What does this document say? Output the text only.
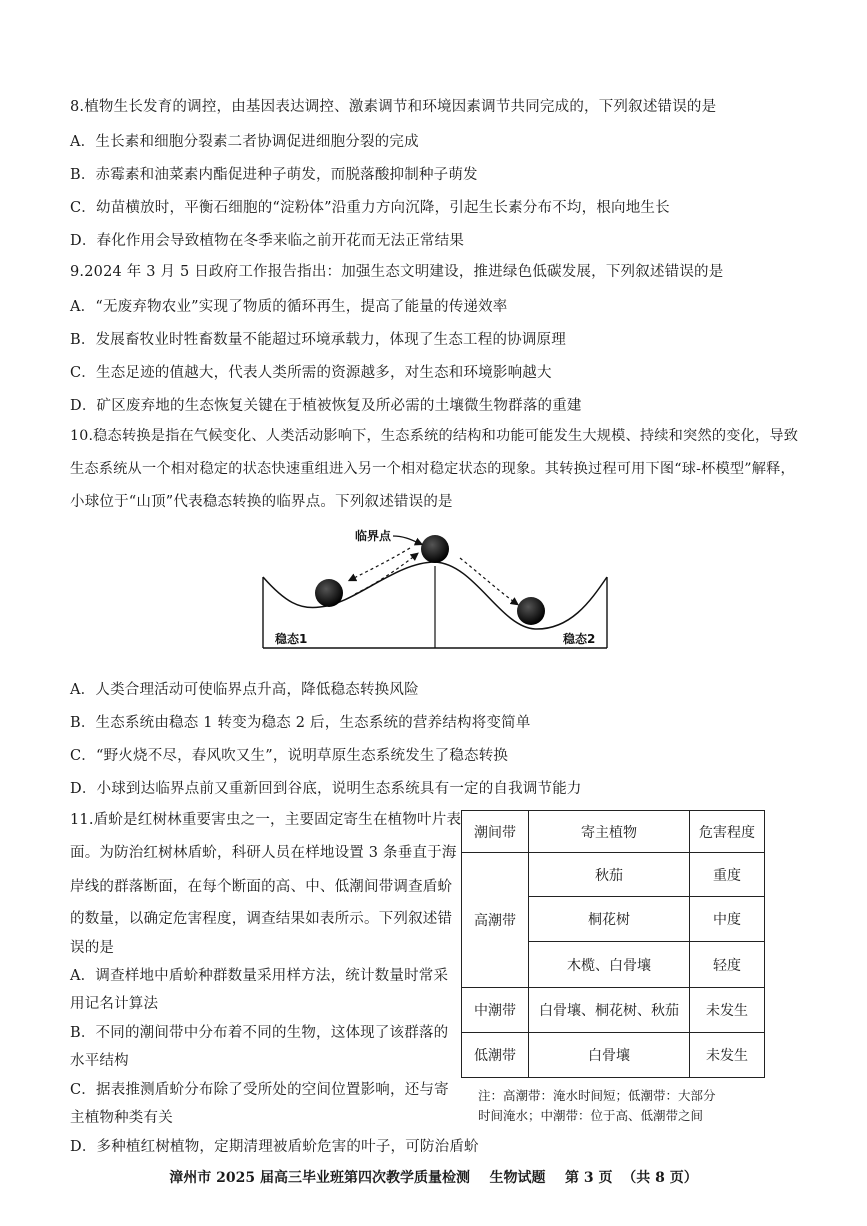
8.植物生长发育的调控，由基因表达调控、激素调节和环境因素调节共同完成的，下列叙述错误的是
A．生长素和细胞分裂素二者协调促进细胞分裂的完成
B．赤霉素和油菜素内酯促进种子萌发，而脱落酸抑制种子萌发
C．幼苗横放时，平衡石细胞的“淀粉体”沿重力方向沉降，引起生长素分布不均，根向地生长
D．春化作用会导致植物在冬季来临之前开花而无法正常结果
9.2024 年 3 月 5 日政府工作报告指出：加强生态文明建设，推进绿色低碳发展，下列叙述错误的是
A．“无废弃物农业”实现了物质的循环再生，提高了能量的传递效率
B．发展畜牧业时牲畜数量不能超过环境承载力，体现了生态工程的协调原理
C．生态足迹的值越大，代表人类所需的资源越多，对生态和环境影响越大
D．矿区废弃地的生态恢复关键在于植被恢复及所必需的土壤微生物群落的重建
10.稳态转换是指在气候变化、人类活动影响下，生态系统的结构和功能可能发生大规模、持续和突然的变化，导致
生态系统从一个相对稳定的状态快速重组进入另一个相对稳定状态的现象。其转换过程可用下图“球-杯模型”解释，
小球位于“山顶”代表稳态转换的临界点。下列叙述错误的是
临界点
稳态1	稳态2
A．人类合理活动可使临界点升高，降低稳态转换风险
B．生态系统由稳态 1 转变为稳态 2 后，生态系统的营养结构将变简单
C．“野火烧不尽，春风吹又生”，说明草原生态系统发生了稳态转换
D．小球到达临界点前又重新回到谷底，说明生态系统具有一定的自我调节能力
11.盾蚧是红树林重要害虫之一，主要固定寄生在植物叶片表
面。为防治红树林盾蚧，科研人员在样地设置 3 条垂直于海
岸线的群落断面，在每个断面的高、中、低潮间带调查盾蚧
的数量，以确定危害程度，调查结果如表所示。下列叙述错
误的是
A．调查样地中盾蚧种群数量采用样方法，统计数量时常采
用记名计算法
B．不同的潮间带中分布着不同的生物，这体现了该群落的
水平结构
C．据表推测盾蚧分布除了受所处的空间位置影响，还与寄
主植物种类有关
D．多种植红树植物，定期清理被盾蚧危害的叶子，可防治盾蚧
潮间带	寄主植物	危害程度
高潮带	秋茄	重度
	桐花树	中度
	木榄、白骨壤	轻度
中潮带	白骨壤、桐花树、秋茄	未发生
低潮带	白骨壤	未发生
注：高潮带：淹水时间短；低潮带：大部分
时间淹水；中潮带：位于高、低潮带之间
漳州市 2025 届高三毕业班第四次教学质量检测    生物试题    第 3 页  （共 8 页）
